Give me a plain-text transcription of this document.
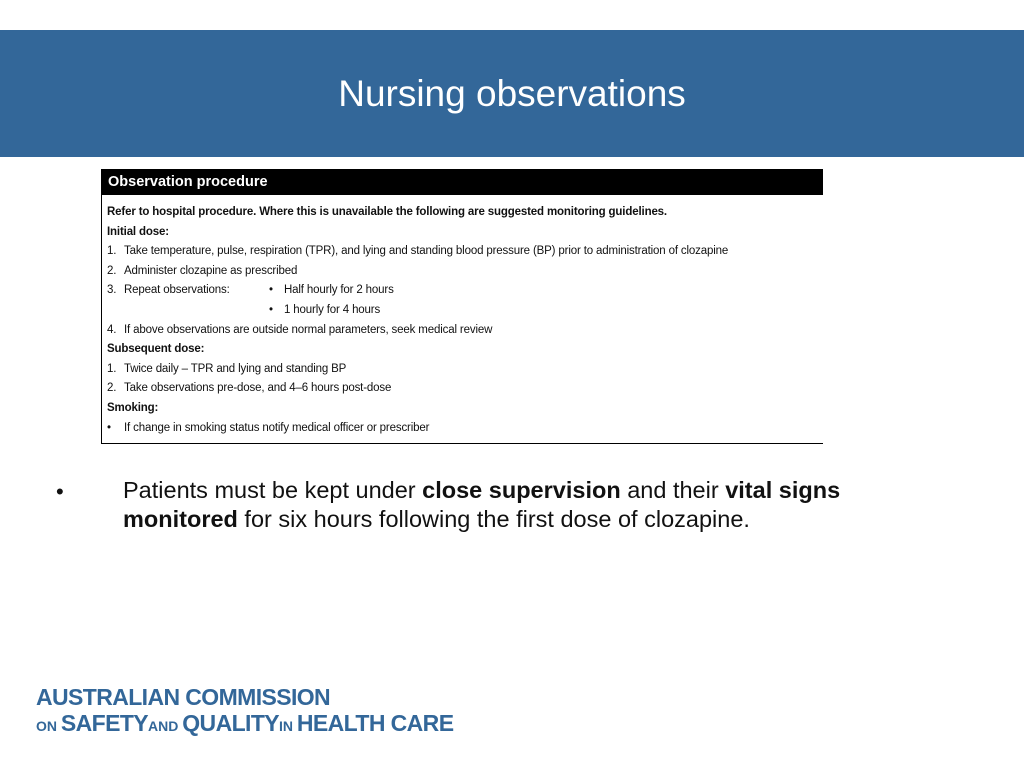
Nursing observations
Observation procedure
Refer to hospital procedure. Where this is unavailable the following are suggested monitoring guidelines.
Initial dose:
1. Take temperature, pulse, respiration (TPR), and lying and standing blood pressure (BP) prior to administration of clozapine
2. Administer clozapine as prescribed
3. Repeat observations:	• Half hourly for 2 hours
• 1 hourly for 4 hours
4. If above observations are outside normal parameters, seek medical review
Subsequent dose:
1. Twice daily – TPR and lying and standing BP
2. Take observations pre-dose, and 4–6 hours post-dose
Smoking:
• If change in smoking status notify medical officer or prescriber
•	Patients must be kept under close supervision and their vital signs monitored for six hours following the first dose of clozapine.
AUSTRALIAN COMMISSION
ON SAFETYAND QUALITYIN HEALTH CARE
